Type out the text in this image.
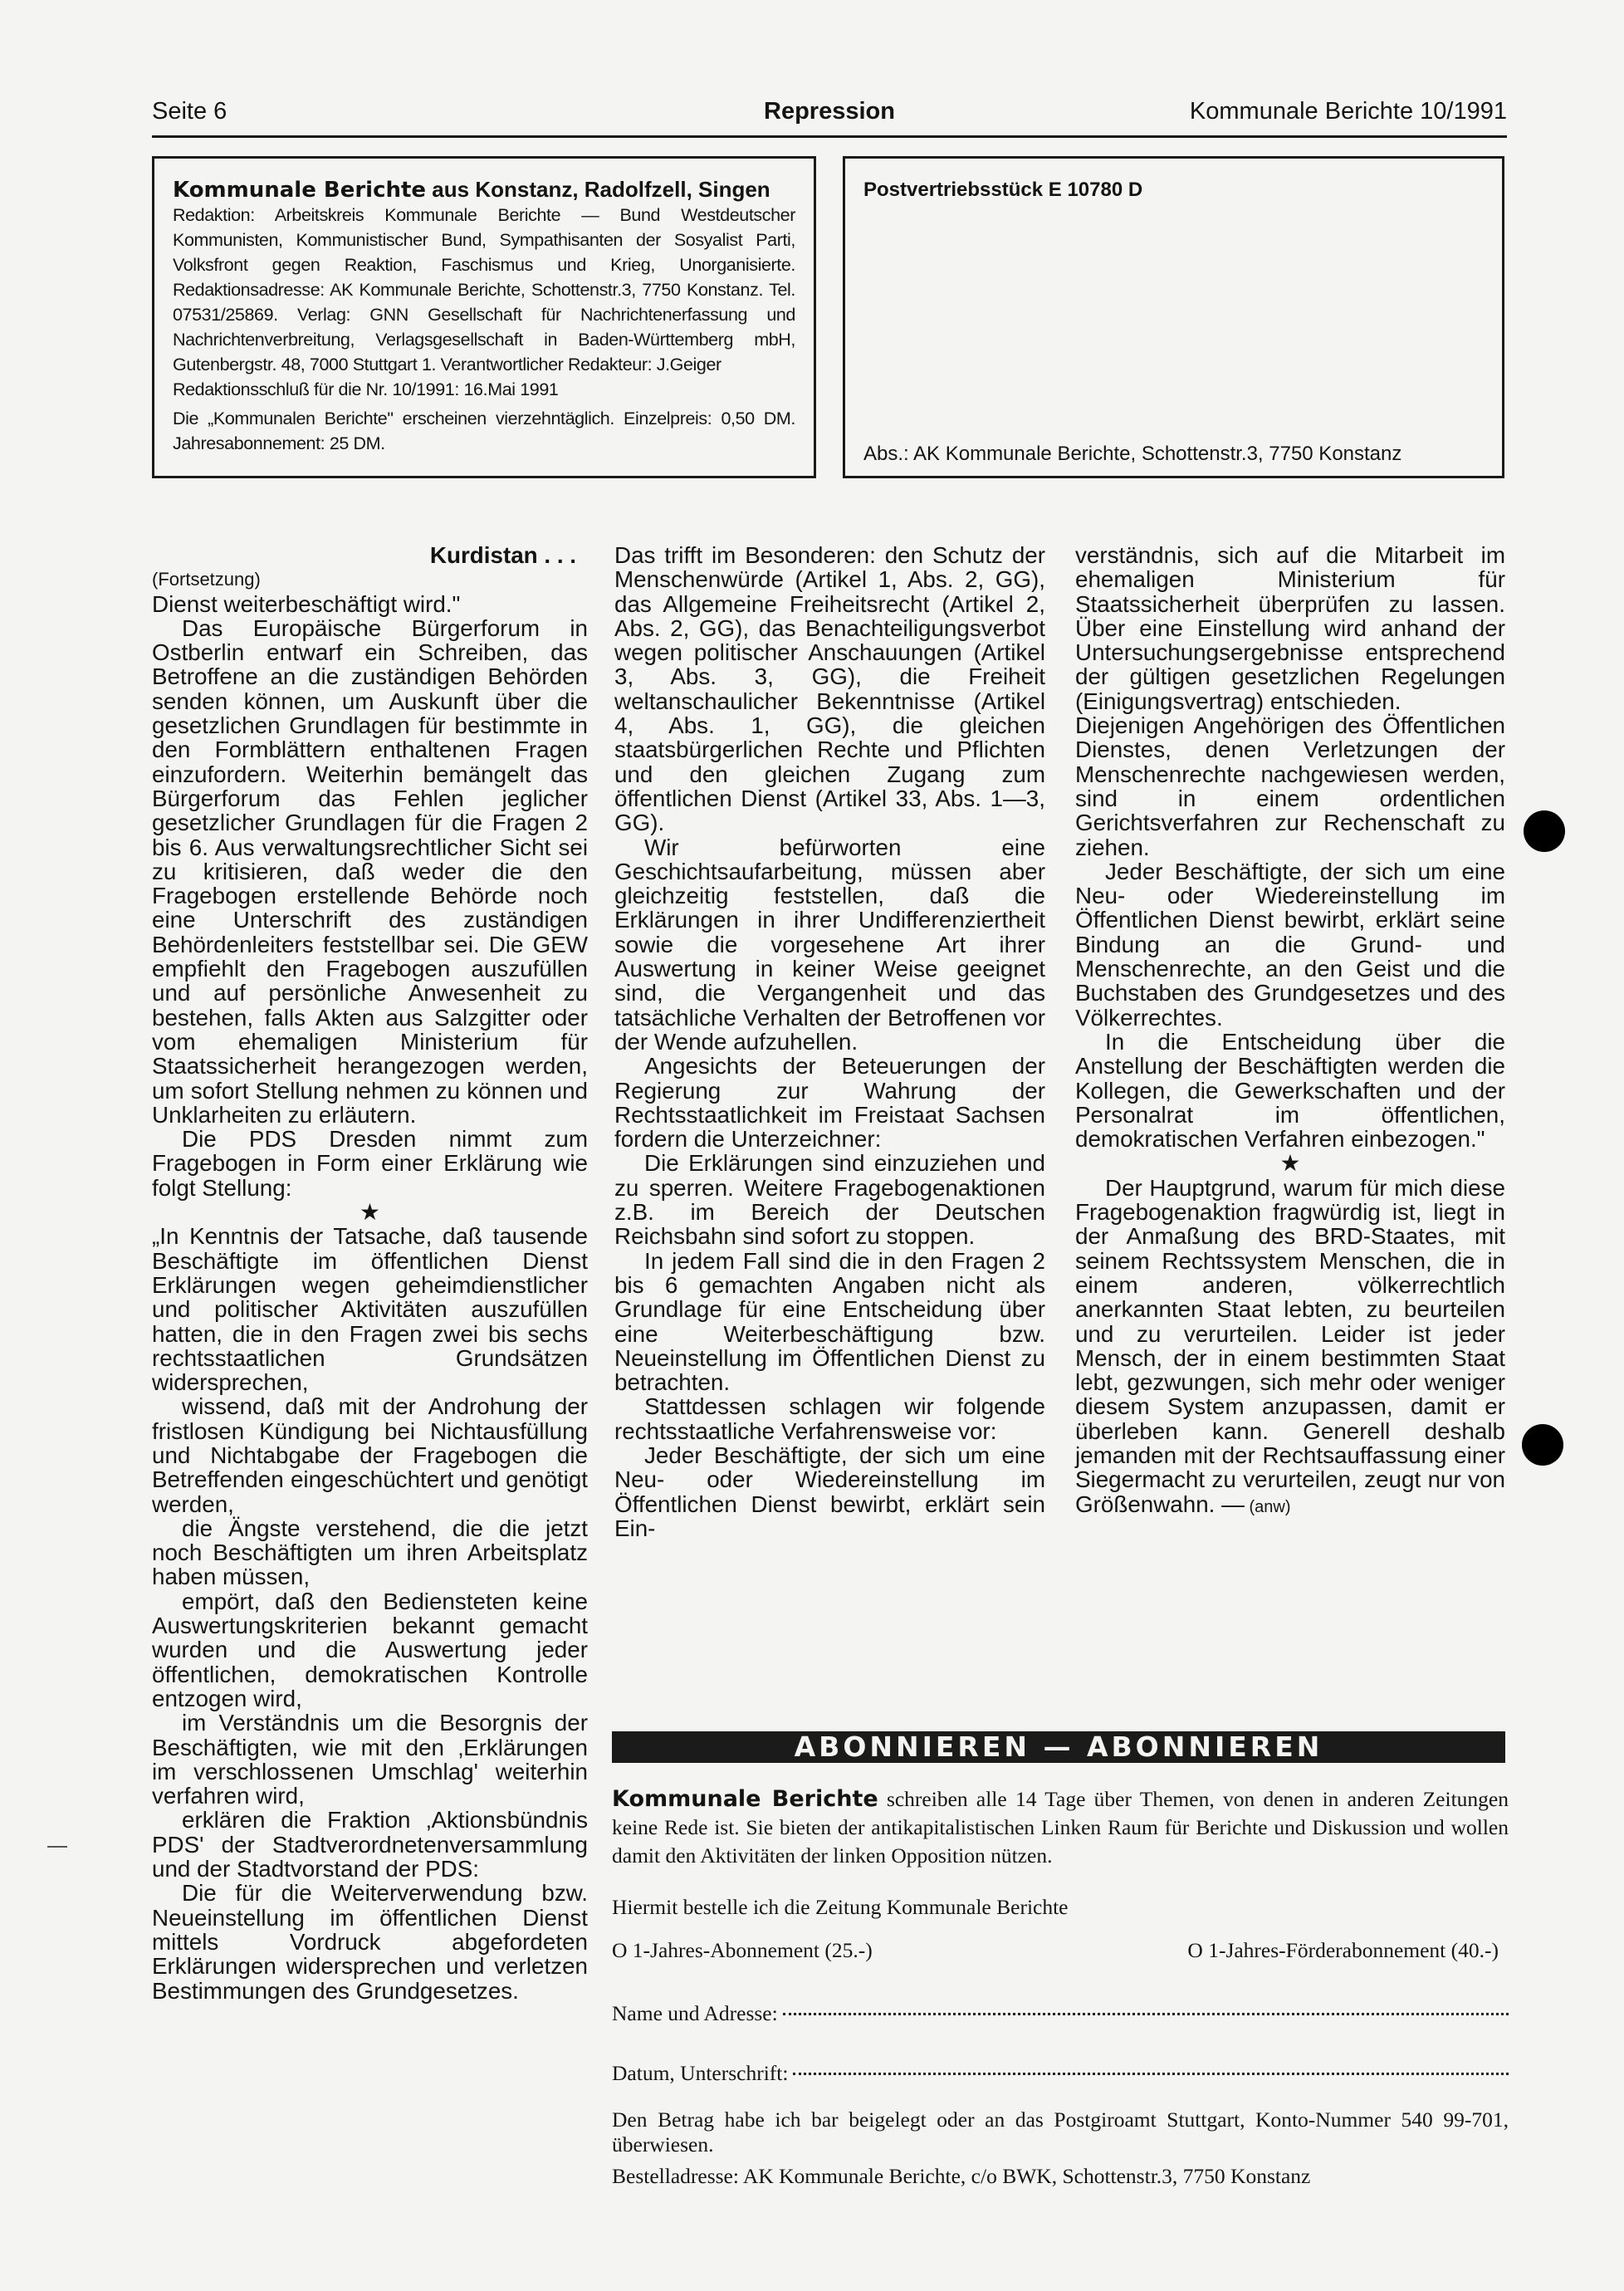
Seite 6	Repression	Kommunale Berichte 10/1991
Kommunale Berichte aus Konstanz, Radolfzell, Singen

Redaktion: Arbeitskreis Kommunale Berichte — Bund Westdeutscher Kommunisten, Kommunistischer Bund, Sympathisanten der Sosyalist Parti, Volksfront gegen Reaktion, Faschismus und Krieg, Unorganisierte. Redaktionsadresse: AK Kommunale Berichte, Schottenstr.3, 7750 Konstanz. Tel. 07531/25869. Verlag: GNN Gesellschaft für Nachrichtenerfassung und Nachrichtenverbreitung, Verlagsgesellschaft in Baden-Württemberg mbH, Gutenbergstr. 48, 7000 Stuttgart 1. Verantwortlicher Redakteur: J.Geiger

Redaktionsschluß für die Nr. 10/1991: 16.Mai 1991

Die „Kommunalen Berichte" erscheinen vierzehntäglich. Einzelpreis: 0,50 DM. Jahresabonnement: 25 DM.

Postvertriebsstück E 10780 D
Abs.: AK Kommunale Berichte, Schottenstr.3, 7750 Konstanz
Kurdistan . . .
(Fortsetzung)

Dienst weiterbeschäftigt wird."

Das Europäische Bürgerforum in Ostberlin entwarf ein Schreiben, das Betroffene an die zuständigen Behörden senden können, um Auskunft über die gesetzlichen Grundlagen für bestimmte in den Formblättern enthaltenen Fragen einzufordern. Weiterhin bemängelt das Bürgerforum das Fehlen jeglicher gesetzlicher Grundlagen für die Fragen 2 bis 6. Aus verwaltungsrechtlicher Sicht sei zu kritisieren, daß weder die den Fragebogen erstellende Behörde noch eine Unterschrift des zuständigen Behördenleiters feststellbar sei. Die GEW empfiehlt den Fragebogen auszufüllen und auf persönliche Anwesenheit zu bestehen, falls Akten aus Salzgitter oder vom ehemaligen Ministerium für Staatssicherheit herangezogen werden, um sofort Stellung nehmen zu können und Unklarheiten zu erläutern.

Die PDS Dresden nimmt zum Fragebogen in Form einer Erklärung wie folgt Stellung:

★

„In Kenntnis der Tatsache, daß tausende Beschäftigte im öffentlichen Dienst Erklärungen wegen geheimdienstlicher und politischer Aktivitäten auszufüllen hatten, die in den Fragen zwei bis sechs rechtsstaatlichen Grundsätzen widersprechen,

wissend, daß mit der Androhung der fristlosen Kündigung bei Nichtausfüllung und Nichtabgabe der Fragebogen die Betreffenden eingeschüchtert und genötigt werden,

die Ängste verstehend, die die jetzt noch Beschäftigten um ihren Arbeitsplatz haben müssen,

empört, daß den Bediensteten keine Auswertungskriterien bekannt gemacht wurden und die Auswertung jeder öffentlichen, demokratischen Kontrolle entzogen wird,

im Verständnis um die Besorgnis der Beschäftigten, wie mit den ‚Erklärungen im verschlossenen Umschlag' weiterhin verfahren wird,

erklären die Fraktion ‚Aktionsbündnis PDS' der Stadtverordnetenversammlung und der Stadtvorstand der PDS:

Die für die Weiterverwendung bzw. Neueinstellung im öffentlichen Dienst mittels Vordruck abgefordeten Erklärungen widersprechen und verletzen Bestimmungen des Grundgesetzes.

Das trifft im Besonderen: den Schutz der Menschenwürde (Artikel 1, Abs. 2, GG), das Allgemeine Freiheitsrecht (Artikel 2, Abs. 2, GG), das Benachteiligungsverbot wegen politischer Anschauungen (Artikel 3, Abs. 3, GG), die Freiheit weltanschaulicher Bekenntnisse (Artikel 4, Abs. 1, GG), die gleichen staatsbürgerlichen Rechte und Pflichten und den gleichen Zugang zum öffentlichen Dienst (Artikel 33, Abs. 1—3, GG).

Wir befürworten eine Geschichtsaufarbeitung, müssen aber gleichzeitig feststellen, daß die Erklärungen in ihrer Undifferenziertheit sowie die vorgesehene Art ihrer Auswertung in keiner Weise geeignet sind, die Vergangenheit und das tatsächliche Verhalten der Betroffenen vor der Wende aufzuhellen.

Angesichts der Beteuerungen der Regierung zur Wahrung der Rechtsstaatlichkeit im Freistaat Sachsen fordern die Unterzeichner:

Die Erklärungen sind einzuziehen und zu sperren. Weitere Fragebogenaktionen z.B. im Bereich der Deutschen Reichsbahn sind sofort zu stoppen.

In jedem Fall sind die in den Fragen 2 bis 6 gemachten Angaben nicht als Grundlage für eine Entscheidung über eine Weiterbeschäftigung bzw. Neueinstellung im Öffentlichen Dienst zu betrachten.

Stattdessen schlagen wir folgende rechtsstaatliche Verfahrensweise vor:

Jeder Beschäftigte, der sich um eine Neu- oder Wiedereinstellung im Öffentlichen Dienst bewirbt, erklärt sein Ein-

verständnis, sich auf die Mitarbeit im ehemaligen Ministerium für Staatssicherheit überprüfen zu lassen. Über eine Einstellung wird anhand der Untersuchungsergebnisse entsprechend der gültigen gesetzlichen Regelungen (Einigungsvertrag) entschieden.

Diejenigen Angehörigen des Öffentlichen Dienstes, denen Verletzungen der Menschenrechte nachgewiesen werden, sind in einem ordentlichen Gerichtsverfahren zur Rechenschaft zu ziehen.

Jeder Beschäftigte, der sich um eine Neu- oder Wiedereinstellung im Öffentlichen Dienst bewirbt, erklärt seine Bindung an die Grund- und Menschenrechte, an den Geist und die Buchstaben des Grundgesetzes und des Völkerrechtes.

In die Entscheidung über die Anstellung der Beschäftigten werden die Kollegen, die Gewerkschaften und der Personalrat im öffentlichen, demokratischen Verfahren einbezogen."

★

Der Hauptgrund, warum für mich diese Fragebogenaktion fragwürdig ist, liegt in der Anmaßung des BRD-Staates, mit seinem Rechtssystem Menschen, die in einem anderen, völkerrechtlich anerkannten Staat lebten, zu beurteilen und zu verurteilen. Leider ist jeder Mensch, der in einem bestimmten Staat lebt, gezwungen, sich mehr oder weniger diesem System anzupassen, damit er überleben kann. Generell deshalb jemanden mit der Rechtsauffassung einer Siegermacht zu verurteilen, zeugt nur von Größenwahn. — (anw)

ABONNIEREN — ABONNIEREN

Kommunale Berichte schreiben alle 14 Tage über Themen, von denen in anderen Zeitungen keine Rede ist. Sie bieten der antikapitalistischen Linken Raum für Berichte und Diskussion und wollen damit den Aktivitäten der linken Opposition nützen.

Hiermit bestelle ich die Zeitung Kommunale Berichte

O 1-Jahres-Abonnement (25.-)	O 1-Jahres-Förderabonnement (40.-)
Name und Adresse:
Datum, Unterschrift:

Den Betrag habe ich bar beigelegt oder an das Postgiroamt Stuttgart, Konto-Nummer 540 99-701, überwiesen.

Bestelladresse: AK Kommunale Berichte, c/o BWK, Schottenstr.3, 7750 Konstanz
